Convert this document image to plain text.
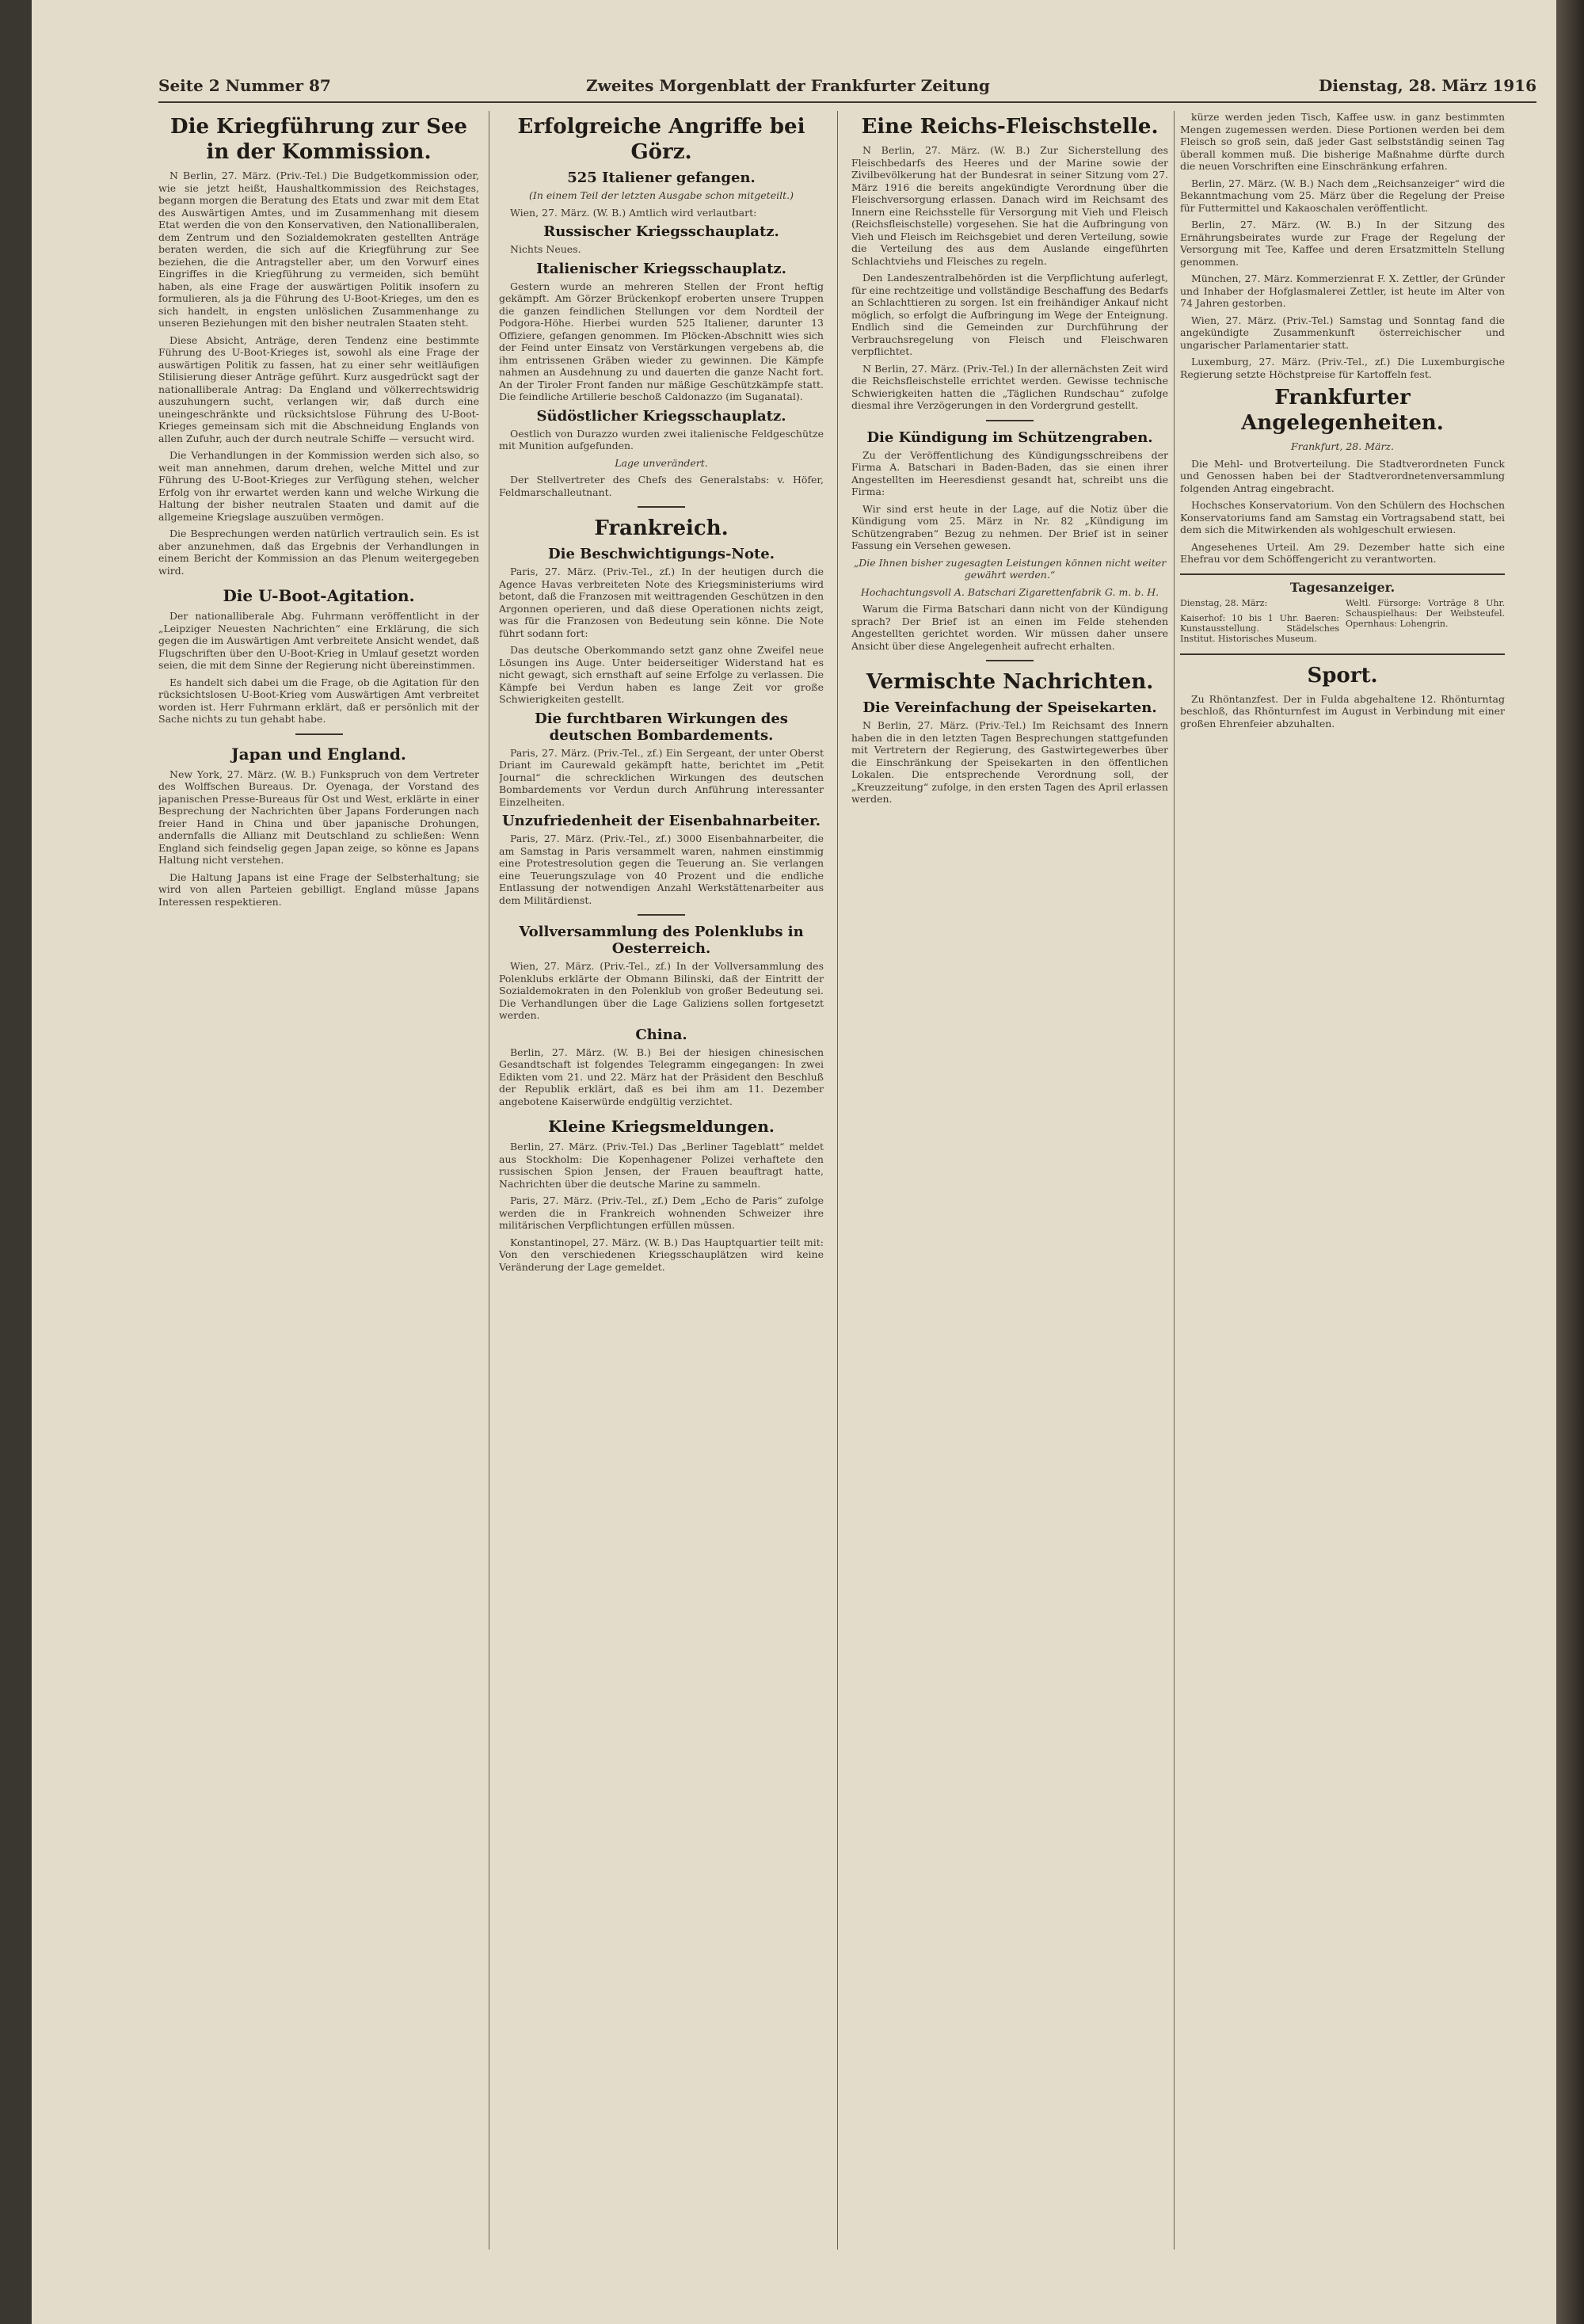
Seite 2 Nummer 87	Zweites Morgenblatt der Frankfurter Zeitung	Dienstag, 28. März 1916
Die Kriegführung zur See in der Kommission.

N Berlin, 27. März. (Priv.-Tel.) Die Budgetkommission oder, wie sie jetzt heißt, Haushaltkommission des Reichstages, begann morgen die Beratung des Etats und zwar mit dem Etat des Auswärtigen Amtes, und im Zusammenhang mit diesem Etat werden die von den Konservativen, den Nationalliberalen, dem Zentrum und den Sozialdemokraten gestellten Anträge beraten werden, die sich auf die Kriegführung zur See beziehen, die die Antragsteller aber, um den Vorwurf eines Eingriffes in die Kriegführung zu vermeiden, sich bemüht haben, als eine Frage der auswärtigen Politik insofern zu formulieren, als ja die Führung des U-Boot-Krieges, um den es sich handelt, in engsten unlöslichen Zusammenhange zu unseren Beziehungen mit den bisher neutralen Staaten steht.

Diese Absicht, Anträge, deren Tendenz eine bestimmte Führung des U-Boot-Krieges ist, sowohl als eine Frage der auswärtigen Politik zu fassen, hat zu einer sehr weitläufigen Stilisierung dieser Anträge geführt. Kurz ausgedrückt sagt der nationalliberale Antrag: Da England und völkerrechtswidrig auszuhungern sucht, verlangen wir, daß durch eine uneingeschränkte und rücksichtslose Führung des U-Boot-Krieges gemeinsam sich mit die Abschneidung Englands von allen Zufuhr, auch der durch neutrale Schiffe — versucht wird.

Die Verhandlungen in der Kommission werden sich also, so weit man annehmen, darum drehen, welche Mittel und zur Führung des U-Boot-Krieges zur Verfügung stehen, welcher Erfolg von ihr erwartet werden kann und welche Wirkung die Haltung der bisher neutralen Staaten und damit auf die allgemeine Kriegslage auszuüben vermögen.

Die Besprechungen werden natürlich vertraulich sein. Es ist aber anzunehmen, daß das Ergebnis der Verhandlungen in einem Bericht der Kommission an das Plenum weitergegeben wird.

Die U-Boot-Agitation.

Der nationalliberale Abg. Fuhrmann veröffentlicht in der „Leipziger Neuesten Nachrichten“ eine Erklärung, die sich gegen die im Auswärtigen Amt verbreitete Ansicht wendet, daß Flugschriften über den U-Boot-Krieg in Umlauf gesetzt worden seien, die mit dem Sinne der Regierung nicht übereinstimmen.

Es handelt sich dabei um die Frage, ob die Agitation für den rücksichtslosen U-Boot-Krieg vom Auswärtigen Amt verbreitet worden ist. Herr Fuhrmann erklärt, daß er persönlich mit der Sache nichts zu tun gehabt habe.

Japan und England.

New York, 27. März. (W. B.) Funkspruch von dem Vertreter des Wolffschen Bureaus. Dr. Oyenaga, der Vorstand des japanischen Presse-Bureaus für Ost und West, erklärte in einer Besprechung der Nachrichten über Japans Forderungen nach freier Hand in China und über japanische Drohungen, andernfalls die Allianz mit Deutschland zu schließen: Wenn England sich feindselig gegen Japan zeige, so könne es Japans Haltung nicht verstehen.

Die Haltung Japans ist eine Frage der Selbsterhaltung; sie wird von allen Parteien gebilligt. England müsse Japans Interessen respektieren.

Erfolgreiche Angriffe bei Görz.
525 Italiener gefangen.

(In einem Teil der letzten Ausgabe schon mitgeteilt.)

Wien, 27. März. (W. B.) Amtlich wird verlautbart:

Russischer Kriegsschauplatz.

Nichts Neues.

Italienischer Kriegsschauplatz.

Gestern wurde an mehreren Stellen der Front heftig gekämpft. Am Görzer Brückenkopf eroberten unsere Truppen die ganzen feindlichen Stellungen vor dem Nordteil der Podgora-Höhe. Hierbei wurden 525 Italiener, darunter 13 Offiziere, gefangen genommen. Im Plöcken-Abschnitt wies sich der Feind unter Einsatz von Verstärkungen vergebens ab, die ihm entrissenen Gräben wieder zu gewinnen. Die Kämpfe nahmen an Ausdehnung zu und dauerten die ganze Nacht fort. An der Tiroler Front fanden nur mäßige Geschützkämpfe statt. Die feindliche Artillerie beschoß Caldonazzo (im Suganatal).

Südöstlicher Kriegsschauplatz.

Oestlich von Durazzo wurden zwei italienische Feldgeschütze mit Munition aufgefunden.

Lage unverändert.

Der Stellvertreter des Chefs des Generalstabs: v. Höfer, Feldmarschalleutnant.

Frankreich.
Die Beschwichtigungs-Note.

Paris, 27. März. (Priv.-Tel., zf.) In der heutigen durch die Agence Havas verbreiteten Note des Kriegsministeriums wird betont, daß die Franzosen mit weittragenden Geschützen in den Argonnen operieren, und daß diese Operationen nichts zeigt, was für die Franzosen von Bedeutung sein könne. Die Note führt sodann fort:

Das deutsche Oberkommando setzt ganz ohne Zweifel neue Lösungen ins Auge. Unter beiderseitiger Widerstand hat es nicht gewagt, sich ernsthaft auf seine Erfolge zu verlassen. Die Kämpfe bei Verdun haben es lange Zeit vor große Schwierigkeiten gestellt.

Die furchtbaren Wirkungen des deutschen Bombardements.

Paris, 27. März. (Priv.-Tel., zf.) Ein Sergeant, der unter Oberst Driant im Caurewald gekämpft hatte, berichtet im „Petit Journal“ die schrecklichen Wirkungen des deutschen Bombardements vor Verdun durch Anführung interessanter Einzelheiten.

Unzufriedenheit der Eisenbahnarbeiter.

Paris, 27. März. (Priv.-Tel., zf.) 3000 Eisenbahnarbeiter, die am Samstag in Paris versammelt waren, nahmen einstimmig eine Protestresolution gegen die Teuerung an. Sie verlangen eine Teuerungszulage von 40 Prozent und die endliche Entlassung der notwendigen Anzahl Werkstättenarbeiter aus dem Militärdienst.

Vollversammlung des Polenklubs in Oesterreich.

Wien, 27. März. (Priv.-Tel., zf.) In der Vollversammlung des Polenklubs erklärte der Obmann Bilinski, daß der Eintritt der Sozialdemokraten in den Polenklub von großer Bedeutung sei. Die Verhandlungen über die Lage Galiziens sollen fortgesetzt werden.

China.

Berlin, 27. März. (W. B.) Bei der hiesigen chinesischen Gesandtschaft ist folgendes Telegramm eingegangen: In zwei Edikten vom 21. und 22. März hat der Präsident den Beschluß der Republik erklärt, daß es bei ihm am 11. Dezember angebotene Kaiserwürde endgültig verzichtet.

Kleine Kriegsmeldungen.

Berlin, 27. März. (Priv.-Tel.) Das „Berliner Tageblatt“ meldet aus Stockholm: Die Kopenhagener Polizei verhaftete den russischen Spion Jensen, der Frauen beauftragt hatte, Nachrichten über die deutsche Marine zu sammeln.

Paris, 27. März. (Priv.-Tel., zf.) Dem „Echo de Paris“ zufolge werden die in Frankreich wohnenden Schweizer ihre militärischen Verpflichtungen erfüllen müssen.

Konstantinopel, 27. März. (W. B.) Das Hauptquartier teilt mit: Von den verschiedenen Kriegsschauplätzen wird keine Veränderung der Lage gemeldet.

Eine Reichs-Fleischstelle.

N Berlin, 27. März. (W. B.) Zur Sicherstellung des Fleischbedarfs des Heeres und der Marine sowie der Zivilbevölkerung hat der Bundesrat in seiner Sitzung vom 27. März 1916 die bereits angekündigte Verordnung über die Fleischversorgung erlassen. Danach wird im Reichsamt des Innern eine Reichsstelle für Versorgung mit Vieh und Fleisch (Reichsfleischstelle) vorgesehen. Sie hat die Aufbringung von Vieh und Fleisch im Reichsgebiet und deren Verteilung, sowie die Verteilung des aus dem Auslande eingeführten Schlachtviehs und Fleisches zu regeln.

Den Landeszentralbehörden ist die Verpflichtung auferlegt, für eine rechtzeitige und vollständige Beschaffung des Bedarfs an Schlachttieren zu sorgen. Ist ein freihändiger Ankauf nicht möglich, so erfolgt die Aufbringung im Wege der Enteignung. Endlich sind die Gemeinden zur Durchführung der Verbrauchsregelung von Fleisch und Fleischwaren verpflichtet.

N Berlin, 27. März. (Priv.-Tel.) In der allernächsten Zeit wird die Reichsfleischstelle errichtet werden. Gewisse technische Schwierigkeiten hatten die „Täglichen Rundschau“ zufolge diesmal ihre Verzögerungen in den Vordergrund gestellt.

Die Kündigung im Schützengraben.

Zu der Veröffentlichung des Kündigungsschreibens der Firma A. Batschari in Baden-Baden, das sie einen ihrer Angestellten im Heeresdienst gesandt hat, schreibt uns die Firma:

Wir sind erst heute in der Lage, auf die Notiz über die Kündigung vom 25. März in Nr. 82 „Kündigung im Schützengraben“ Bezug zu nehmen. Der Brief ist in seiner Fassung ein Versehen gewesen.

„Die Ihnen bisher zugesagten Leistungen können nicht weiter gewährt werden.“

Hochachtungsvoll A. Batschari Zigarettenfabrik G. m. b. H.

Warum die Firma Batschari dann nicht von der Kündigung sprach? Der Brief ist an einen im Felde stehenden Angestellten gerichtet worden. Wir müssen daher unsere Ansicht über diese Angelegenheit aufrecht erhalten.

Vermischte Nachrichten.
Die Vereinfachung der Speisekarten.

N Berlin, 27. März. (Priv.-Tel.) Im Reichsamt des Innern haben die in den letzten Tagen Besprechungen stattgefunden mit Vertretern der Regierung, des Gastwirtegewerbes über die Einschränkung der Speisekarten in den öffentlichen Lokalen. Die entsprechende Verordnung soll, der „Kreuzzeitung“ zufolge, in den ersten Tagen des April erlassen werden.

kürze werden jeden Tisch, Kaffee usw. in ganz bestimmten Mengen zugemessen werden. Diese Portionen werden bei dem Fleisch so groß sein, daß jeder Gast selbstständig seinen Tag überall kommen muß. Die bisherige Maßnahme dürfte durch die neuen Vorschriften eine Einschränkung erfahren.

Berlin, 27. März. (W. B.) Nach dem „Reichsanzeiger“ wird die Bekanntmachung vom 25. März über die Regelung der Preise für Futtermittel und Kakaoschalen veröffentlicht.

Berlin, 27. März. (W. B.) In der Sitzung des Ernährungsbeirates wurde zur Frage der Regelung der Versorgung mit Tee, Kaffee und deren Ersatzmitteln Stellung genommen.

München, 27. März. Kommerzienrat F. X. Zettler, der Gründer und Inhaber der Hofglasmalerei Zettler, ist heute im Alter von 74 Jahren gestorben.

Wien, 27. März. (Priv.-Tel.) Samstag und Sonntag fand die angekündigte Zusammenkunft österreichischer und ungarischer Parlamentarier statt.

Luxemburg, 27. März. (Priv.-Tel., zf.) Die Luxemburgische Regierung setzte Höchstpreise für Kartoffeln fest.

Frankfurter Angelegenheiten.

Frankfurt, 28. März.

Die Mehl- und Brotverteilung. Die Stadtverordneten Funck und Genossen haben bei der Stadtverordnetenversammlung folgenden Antrag eingebracht.

Hochsches Konservatorium. Von den Schülern des Hochschen Konservatoriums fand am Samstag ein Vortragsabend statt, bei dem sich die Mitwirkenden als wohlgeschult erwiesen.

Angesehenes Urteil. Am 29. Dezember hatte sich eine Ehefrau vor dem Schöffengericht zu verantworten.

Tagesanzeiger.

Dienstag, 28. März:

Kaiserhof: 10 bis 1 Uhr. Baeren: Kunstausstellung. Städelsches Institut. Historisches Museum.

Weltl. Fürsorge: Vorträge 8 Uhr. Schauspielhaus: Der Weibsteufel. Opernhaus: Lohengrin.

Sport.

Zu Rhöntanzfest. Der in Fulda abgehaltene 12. Rhönturntag beschloß, das Rhönturnfest im August in Verbindung mit einer großen Ehrenfeier abzuhalten.
